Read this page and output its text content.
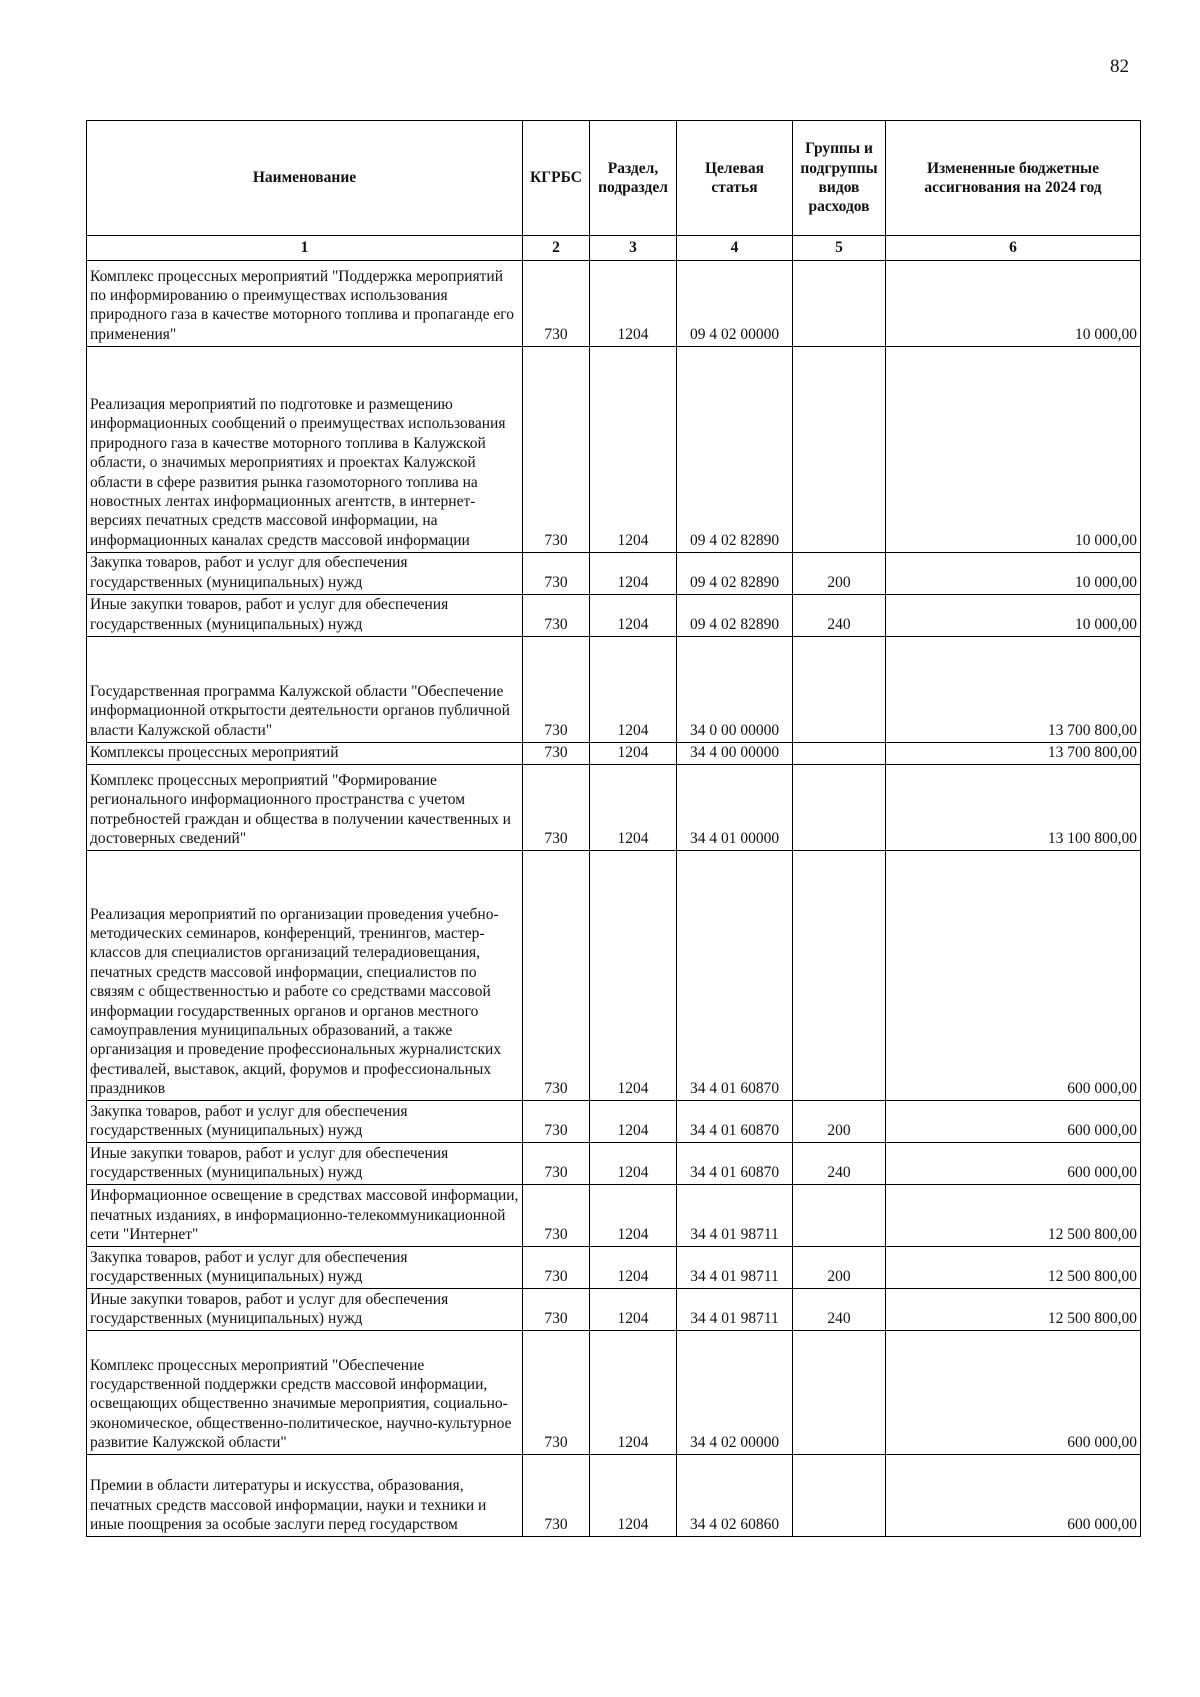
82
Наименование	КГРБС	Раздел, подраздел	Целевая статья	Группы и подгруппы видов расходов	Измененные бюджетные ассигнования на 2024 год
1	2	3	4	5	6
Комплекс процессных мероприятий "Поддержка мероприятий по информированию о преимуществах использования природного газа в качестве моторного топлива и пропаганде его применения"	730	1204	09 4 02 00000		10 000,00
Реализация мероприятий по подготовке и размещению информационных сообщений о преимуществах использования природного газа в качестве моторного топлива в Калужской области, о значимых мероприятиях и проектах Калужской области в сфере развития рынка газомоторного топлива на новостных лентах информационных агентств, в интернет-версиях печатных средств массовой информации, на информационных каналах средств массовой информации	730	1204	09 4 02 82890		10 000,00
Закупка товаров, работ и услуг для обеспечения государственных (муниципальных) нужд	730	1204	09 4 02 82890	200	10 000,00
Иные закупки товаров, работ и услуг для обеспечения государственных (муниципальных) нужд	730	1204	09 4 02 82890	240	10 000,00
Государственная программа Калужской области "Обеспечение информационной открытости деятельности органов публичной власти Калужской области"	730	1204	34 0 00 00000		13 700 800,00
Комплексы процессных мероприятий	730	1204	34 4 00 00000		13 700 800,00
Комплекс процессных мероприятий "Формирование регионального информационного пространства с учетом потребностей граждан и общества в получении качественных и достоверных сведений"	730	1204	34 4 01 00000		13 100 800,00
Реализация мероприятий по организации проведения учебно-методических семинаров, конференций, тренингов, мастер-классов для специалистов организаций телерадиовещания, печатных средств массовой информации, специалистов по связям с общественностью и работе со средствами массовой информации государственных органов и органов местного самоуправления муниципальных образований, а также организация и проведение профессиональных журналистских фестивалей, выставок, акций, форумов и профессиональных праздников	730	1204	34 4 01 60870		600 000,00
Закупка товаров, работ и услуг для обеспечения государственных (муниципальных) нужд	730	1204	34 4 01 60870	200	600 000,00
Иные закупки товаров, работ и услуг для обеспечения государственных (муниципальных) нужд	730	1204	34 4 01 60870	240	600 000,00
Информационное освещение в средствах массовой информации, печатных изданиях, в информационно-телекоммуникационной сети "Интернет"	730	1204	34 4 01 98711		12 500 800,00
Закупка товаров, работ и услуг для обеспечения государственных (муниципальных) нужд	730	1204	34 4 01 98711	200	12 500 800,00
Иные закупки товаров, работ и услуг для обеспечения государственных (муниципальных) нужд	730	1204	34 4 01 98711	240	12 500 800,00
Комплекс процессных мероприятий "Обеспечение государственной поддержки средств массовой информации, освещающих общественно значимые мероприятия, социально-экономическое, общественно-политическое, научно-культурное развитие Калужской области"	730	1204	34 4 02 00000		600 000,00
Премии в области литературы и искусства, образования, печатных средств массовой информации, науки и техники и иные поощрения за особые заслуги перед государством	730	1204	34 4 02 60860		600 000,00
